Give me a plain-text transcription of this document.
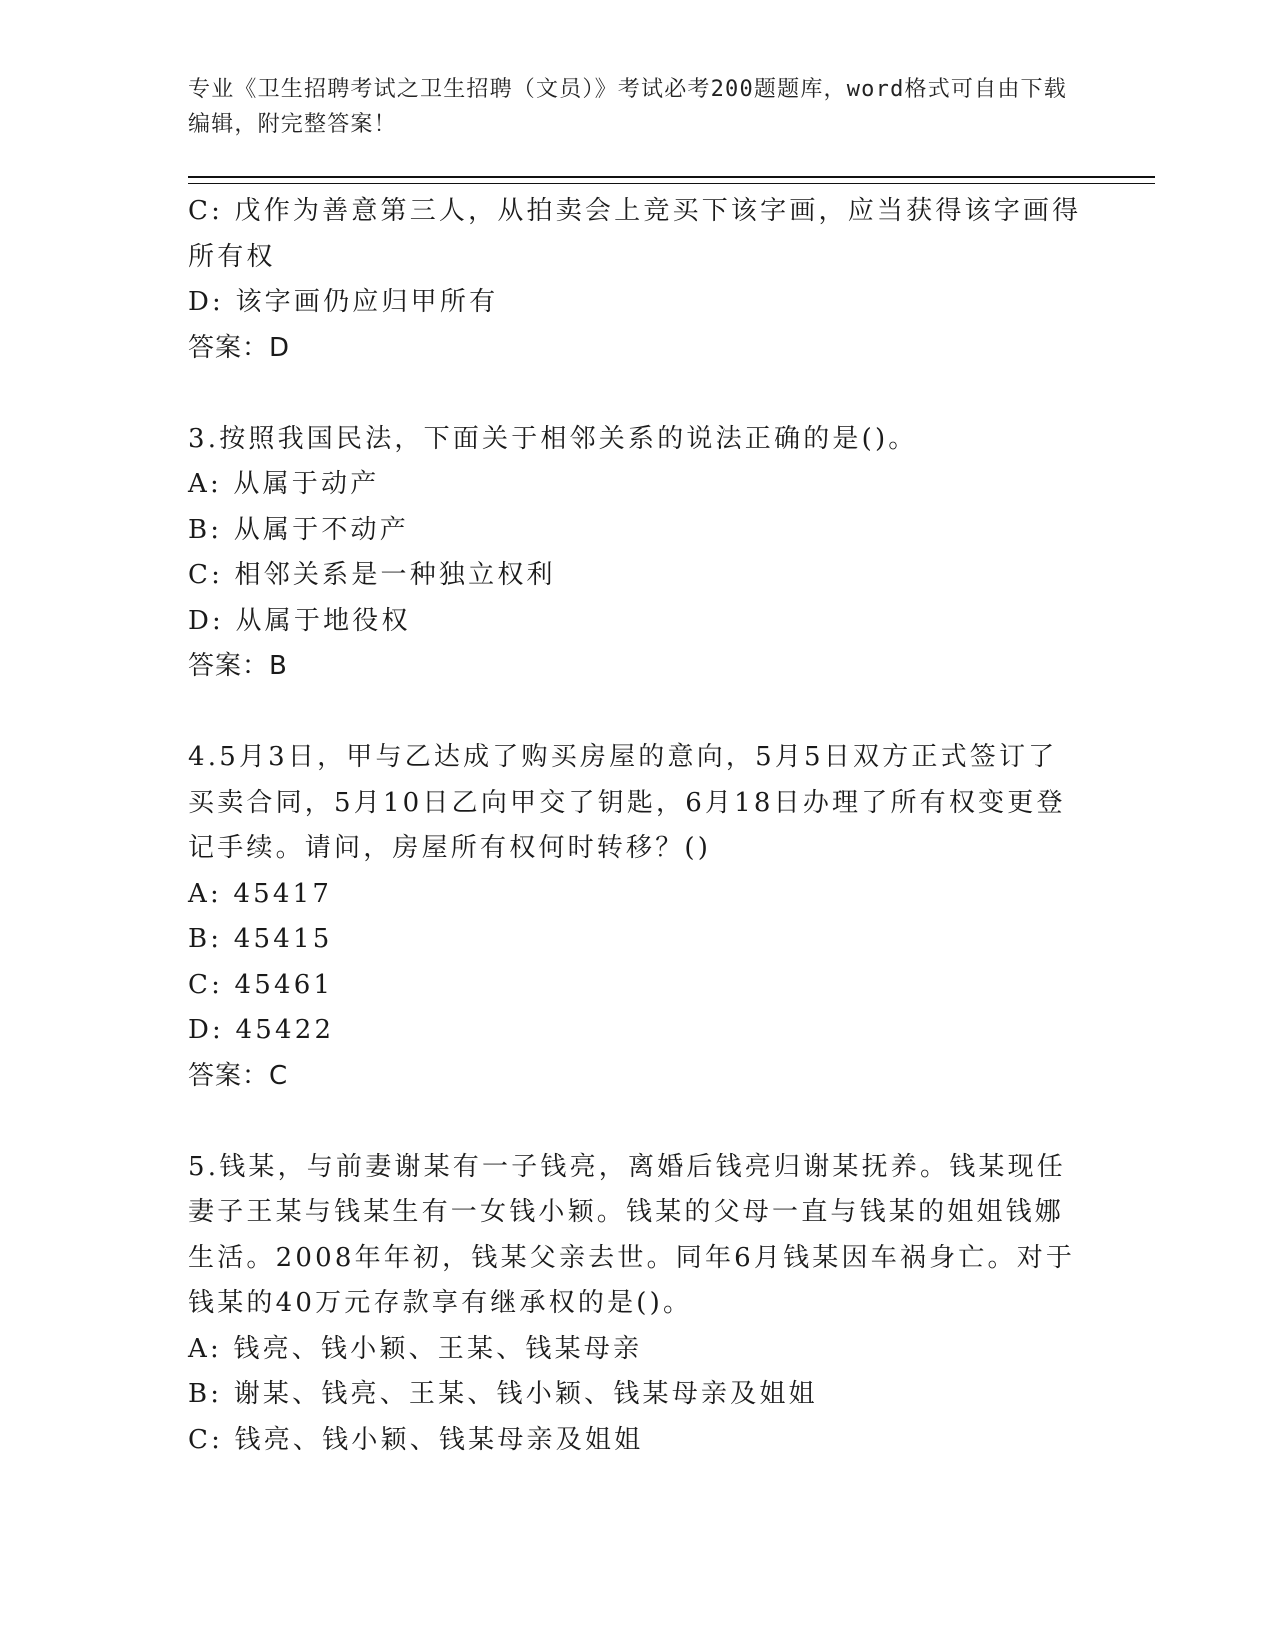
专业《卫生招聘考试之卫生招聘（文员）》考试必考200题题库，word格式可自由下载编辑，附完整答案！
C: 戊作为善意第三人，从拍卖会上竞买下该字画，应当获得该字画得
所有权
D: 该字画仍应归甲所有
答案：D
3.按照我国民法，下面关于相邻关系的说法正确的是()。
A: 从属于动产
B: 从属于不动产
C: 相邻关系是一种独立权利
D: 从属于地役权
答案：B
4.5月3日，甲与乙达成了购买房屋的意向，5月5日双方正式签订了
买卖合同，5月10日乙向甲交了钥匙，6月18日办理了所有权变更登
记手续。请问，房屋所有权何时转移？()
A: 45417
B: 45415
C: 45461
D: 45422
答案：C
5.钱某，与前妻谢某有一子钱亮，离婚后钱亮归谢某抚养。钱某现任
妻子王某与钱某生有一女钱小颖。钱某的父母一直与钱某的姐姐钱娜
生活。2008年年初，钱某父亲去世。同年6月钱某因车祸身亡。对于
钱某的40万元存款享有继承权的是()。
A: 钱亮、钱小颖、王某、钱某母亲
B: 谢某、钱亮、王某、钱小颖、钱某母亲及姐姐
C: 钱亮、钱小颖、钱某母亲及姐姐
